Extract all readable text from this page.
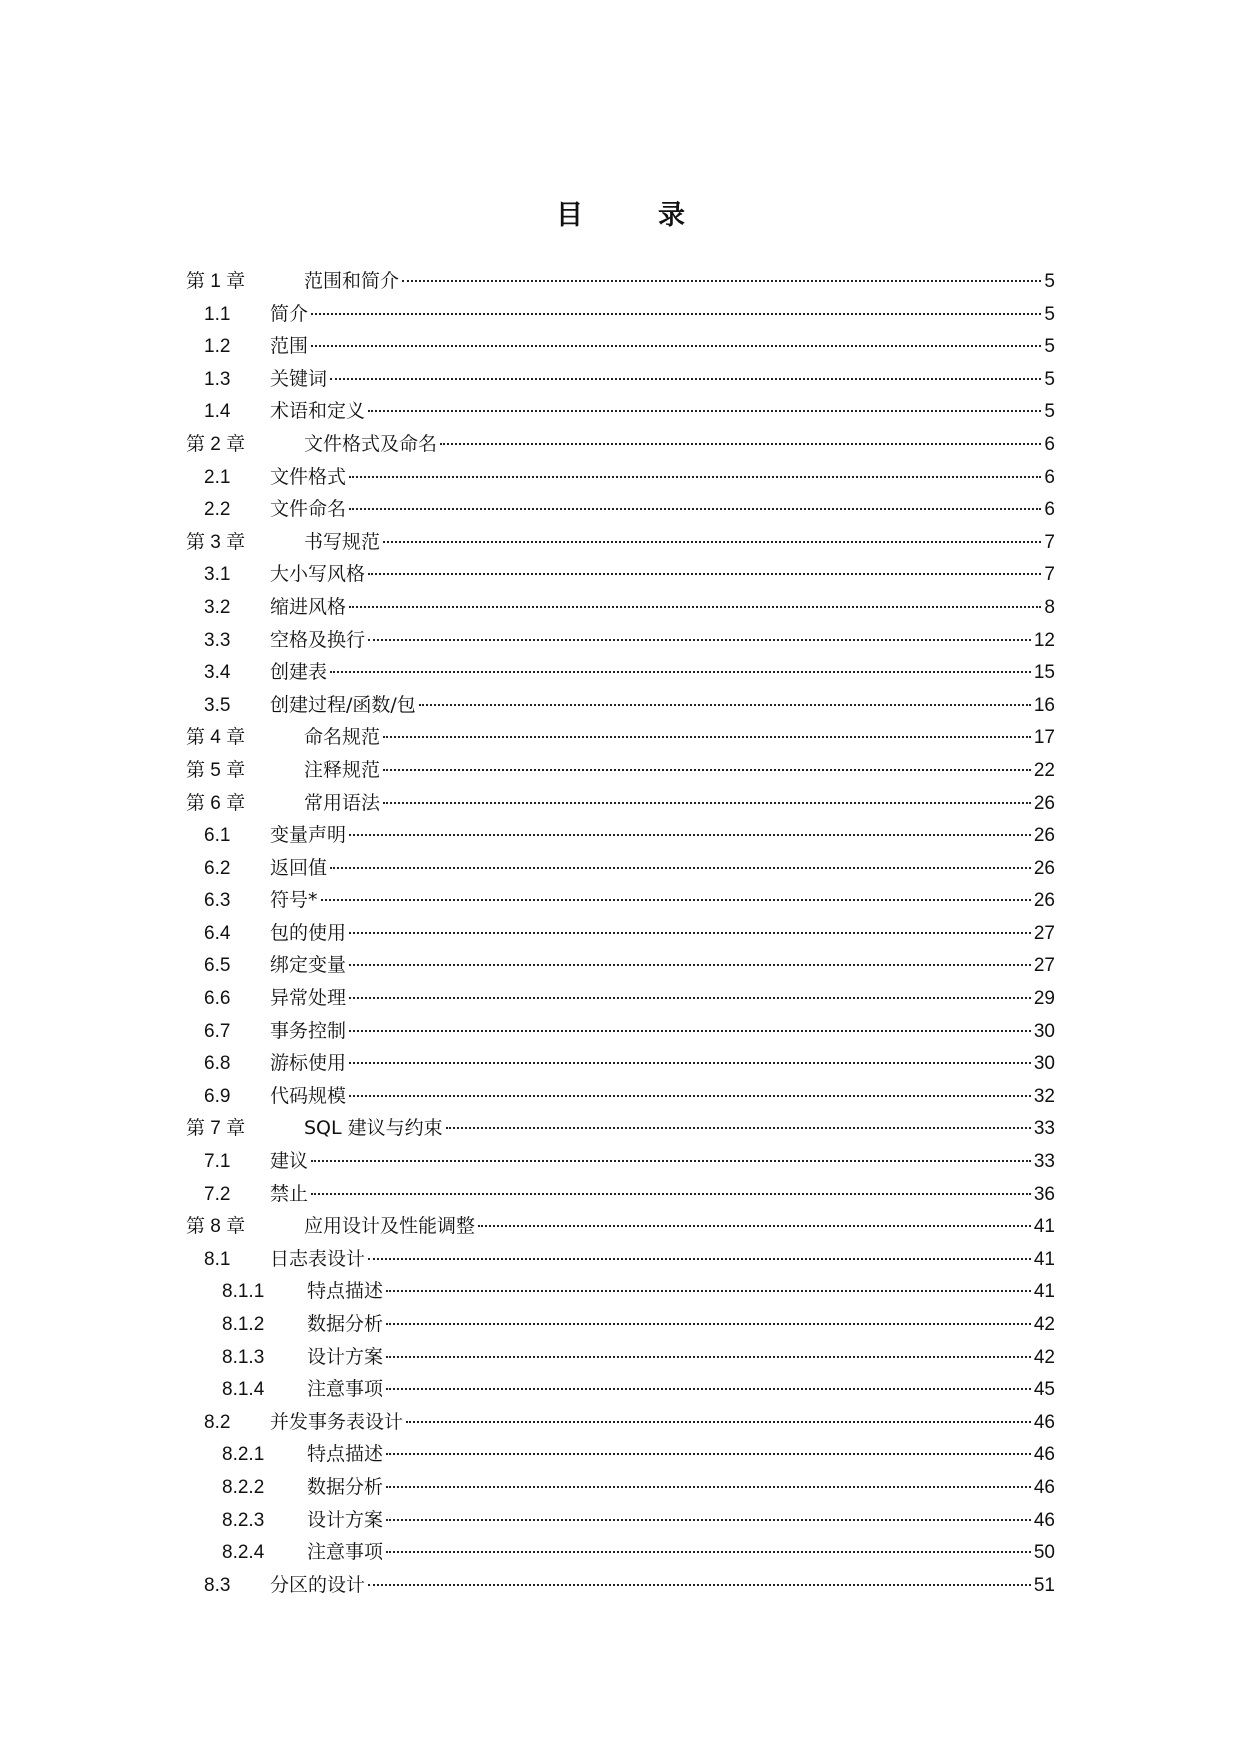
目　录
第 1 章	范围和简介	5
1.1	简介	5
1.2	范围	5
1.3	关键词	5
1.4	术语和定义	5
第 2 章	文件格式及命名	6
2.1	文件格式	6
2.2	文件命名	6
第 3 章	书写规范	7
3.1	大小写风格	7
3.2	缩进风格	8
3.3	空格及换行	12
3.4	创建表	15
3.5	创建过程/函数/包	16
第 4 章	命名规范	17
第 5 章	注释规范	22
第 6 章	常用语法	26
6.1	变量声明	26
6.2	返回值	26
6.3	符号*	26
6.4	包的使用	27
6.5	绑定变量	27
6.6	异常处理	29
6.7	事务控制	30
6.8	游标使用	30
6.9	代码规模	32
第 7 章	SQL 建议与约束	33
7.1	建议	33
7.2	禁止	36
第 8 章	应用设计及性能调整	41
8.1	日志表设计	41
8.1.1	特点描述	41
8.1.2	数据分析	42
8.1.3	设计方案	42
8.1.4	注意事项	45
8.2	并发事务表设计	46
8.2.1	特点描述	46
8.2.2	数据分析	46
8.2.3	设计方案	46
8.2.4	注意事项	50
8.3	分区的设计	51
